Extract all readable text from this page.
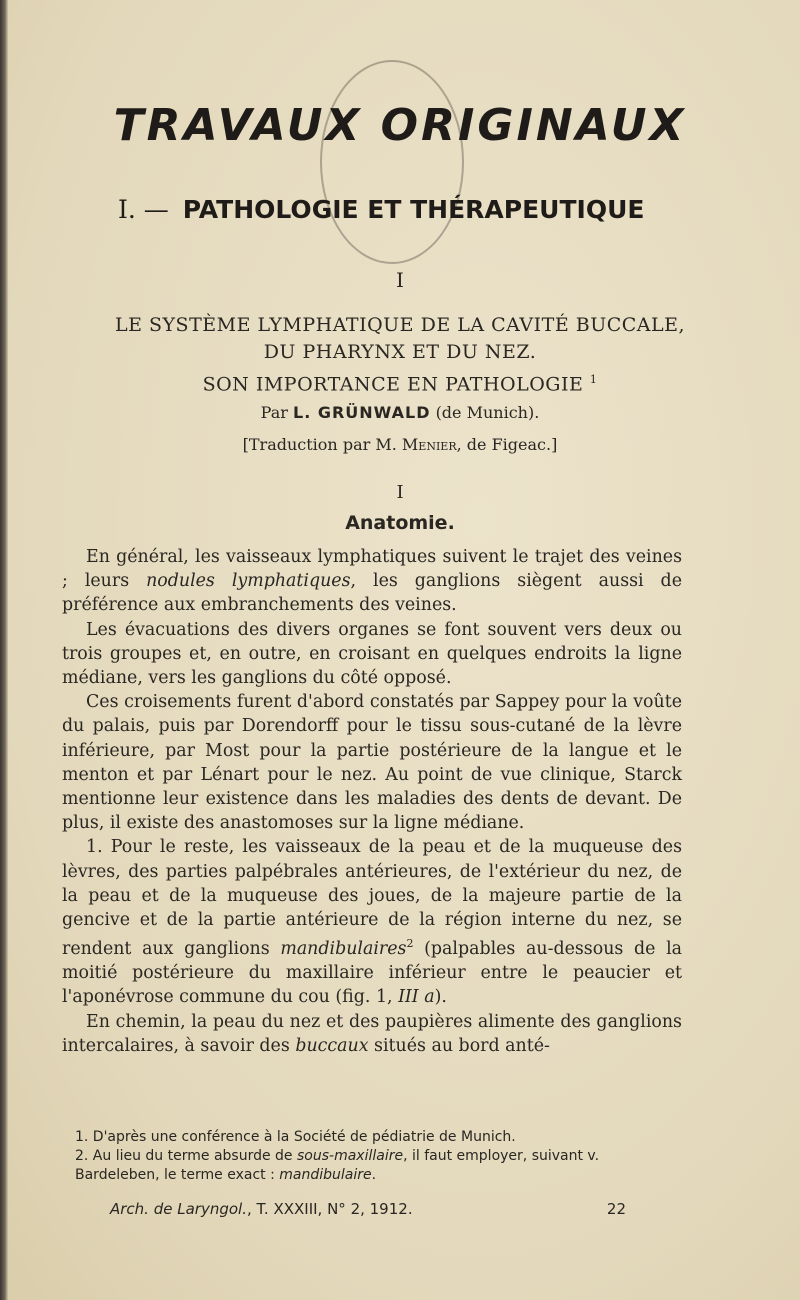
TRAVAUX ORIGINAUX
I. — PATHOLOGIE ET THÉRAPEUTIQUE
I
LE SYSTÈME LYMPHATIQUE DE LA CAVITÉ BUCCALE,
DU PHARYNX ET DU NEZ.
SON IMPORTANCE EN PATHOLOGIE $^1$
Par L. GRÜNWALD (de Munich).
[Traduction par M. Menier, de Figeac.]
I
Anatomie.

En général, les vaisseaux lymphatiques suivent le trajet des veines ; leurs nodules lymphatiques, les ganglions siègent aussi de préférence aux embranchements des veines.

Les évacuations des divers organes se font souvent vers deux ou trois groupes et, en outre, en croisant en quelques endroits la ligne médiane, vers les ganglions du côté opposé.

Ces croisements furent d'abord constatés par Sappey pour la voûte du palais, puis par Dorendorff pour le tissu sous-cutané de la lèvre inférieure, par Most pour la partie postérieure de la langue et le menton et par Lénart pour le nez. Au point de vue clinique, Starck mentionne leur existence dans les maladies des dents de devant. De plus, il existe des anastomoses sur la ligne médiane.

1. Pour le reste, les vaisseaux de la peau et de la muqueuse des lèvres, des parties palpébrales antérieures, de l'extérieur du nez, de la peau et de la muqueuse des joues, de la majeure partie de la gencive et de la partie antérieure de la région interne du nez, se rendent aux ganglions mandibulaires$^2$ (palpables au-dessous de la moitié postérieure du maxillaire inférieur entre le peaucier et l'aponévrose commune du cou (fig. 1, III a).

En chemin, la peau du nez et des paupières alimente des ganglions intercalaires, à savoir des buccaux situés au bord anté-

1. D'après une conférence à la Société de pédiatrie de Munich.

2. Au lieu du terme absurde de sous-maxillaire, il faut employer, suivant v. Bardeleben, le terme exact : mandibulaire.

Arch. de Laryngol., T. XXXIII, N° 2, 1912.	22
